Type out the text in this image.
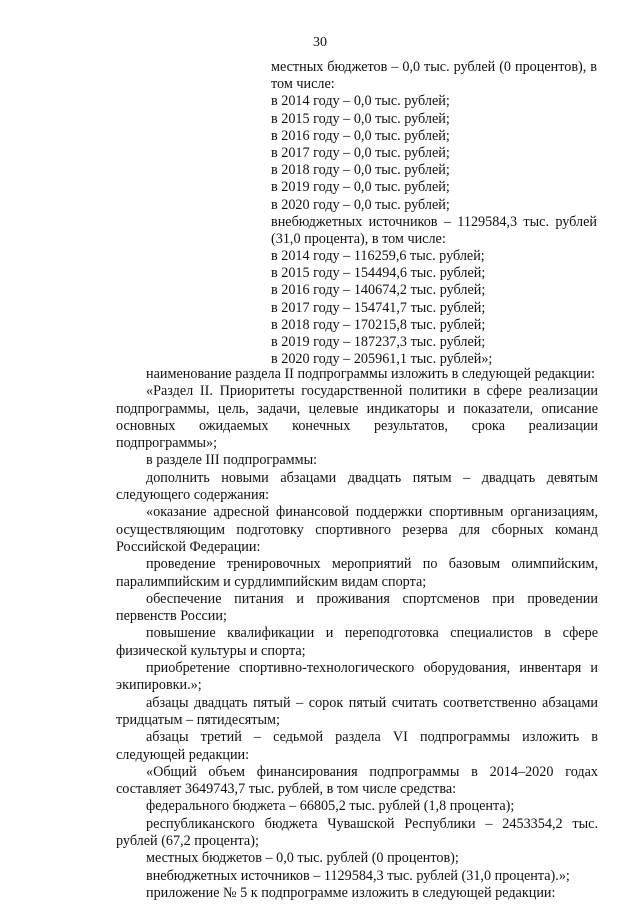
30
местных бюджетов – 0,0 тыс. рублей (0 процентов), в
том числе:
в 2014 году – 0,0 тыс. рублей;
в 2015 году – 0,0 тыс. рублей;
в 2016 году – 0,0 тыс. рублей;
в 2017 году – 0,0 тыс. рублей;
в 2018 году – 0,0 тыс. рублей;
в 2019 году – 0,0 тыс. рублей;
в 2020 году – 0,0 тыс. рублей;
внебюджетных источников – 1129584,3 тыс. рублей
(31,0 процента), в том числе:
в 2014 году – 116259,6 тыс. рублей;
в 2015 году – 154494,6 тыс. рублей;
в 2016 году – 140674,2 тыс. рублей;
в 2017 году – 154741,7 тыс. рублей;
в 2018 году – 170215,8 тыс. рублей;
в 2019 году – 187237,3 тыс. рублей;
в 2020 году – 205961,1 тыс. рублей»;
наименование раздела II подпрограммы изложить в следующей редакции:
«Раздел II. Приоритеты государственной политики в сфере реализации подпрограммы, цель, задачи, целевые индикаторы и показатели, описание основных ожидаемых конечных результатов, срока реализации подпрограммы»;
в разделе III подпрограммы:
дополнить новыми абзацами двадцать пятым – двадцать девятым следующего содержания:
«оказание адресной финансовой поддержки спортивным организациям, осуществляющим подготовку спортивного резерва для сборных команд Российской Федерации:
проведение тренировочных мероприятий по базовым олимпийским, паралимпийским и сурдлимпийским видам спорта;
обеспечение питания и проживания спортсменов при проведении первенств России;
повышение квалификации и переподготовка специалистов в сфере физической культуры и спорта;
приобретение спортивно-технологического оборудования, инвентаря и экипировки.»;
абзацы двадцать пятый – сорок пятый считать соответственно абзацами тридцатым – пятидесятым;
абзацы третий – седьмой раздела VI подпрограммы изложить в следующей редакции:
«Общий объем финансирования подпрограммы в 2014–2020 годах составляет 3649743,7 тыс. рублей, в том числе средства:
федерального бюджета – 66805,2 тыс. рублей (1,8 процента);
республиканского бюджета Чувашской Республики – 2453354,2 тыс. рублей (67,2 процента);
местных бюджетов – 0,0 тыс. рублей (0 процентов);
внебюджетных источников – 1129584,3 тыс. рублей (31,0 процента).»;
приложение № 5 к подпрограмме изложить в следующей редакции:
